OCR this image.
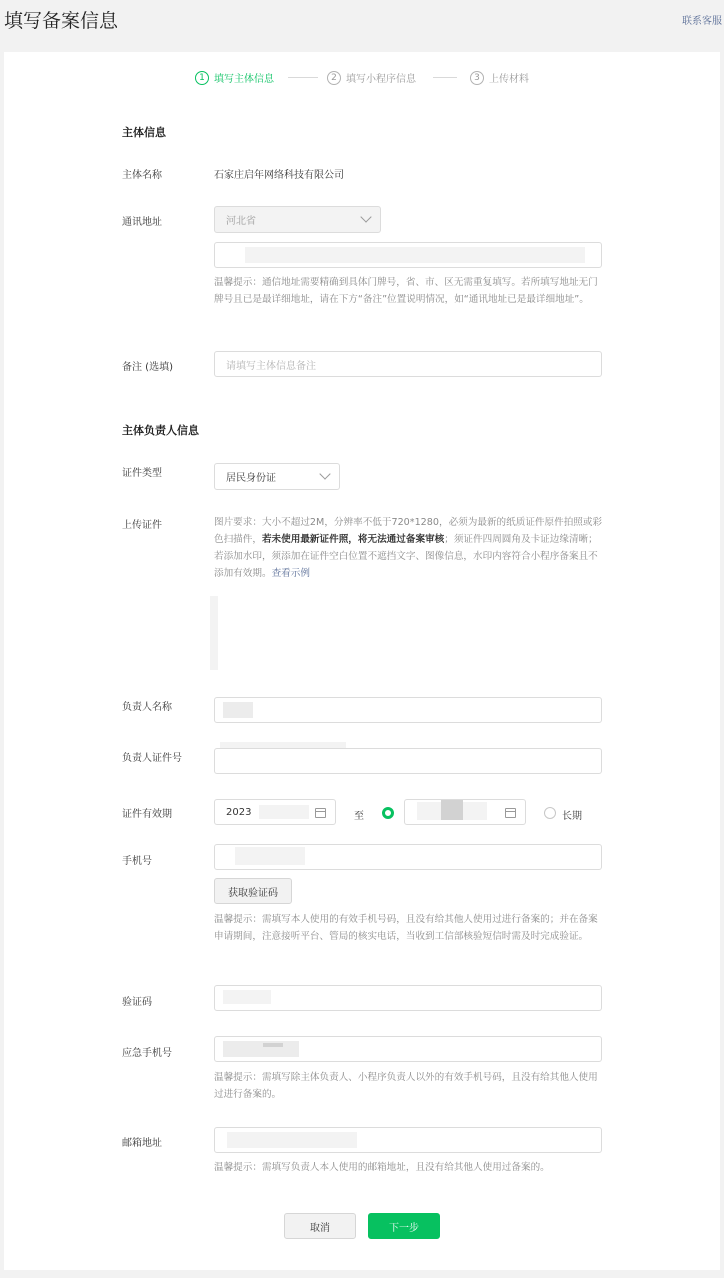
填写备案信息	联系客服
1 填写主体信息	2 填写小程序信息	3 上传材料
主体信息
主体名称	石家庄启年网络科技有限公司
通讯地址	河北省
温馨提示：通信地址需要精确到具体门牌号，省、市、区无需重复填写。若所填写地址无门牌号且已是最详细地址，请在下方“备注”位置说明情况，如“通讯地址已是最详细地址”。
备注 (选填)	请填写主体信息备注
主体负责人信息
证件类型	居民身份证
上传证件	图片要求：大小不超过2M，分辨率不低于720*1280，必须为最新的纸质证件原件拍照或彩色扫描件，若未使用最新证件照，将无法通过备案审核；须证件四周圆角及卡证边缘清晰；若添加水印，须添加在证件空白位置不遮挡文字、图像信息，水印内容符合小程序备案且不添加有效期。查看示例
负责人名称
负责人证件号
证件有效期	2023	至	长期
手机号
获取验证码
温馨提示：需填写本人使用的有效手机号码，且没有给其他人使用过进行备案的；并在备案申请期间，注意接听平台、管局的核实电话，当收到工信部核验短信时需及时完成验证。
验证码
应急手机号
温馨提示：需填写除主体负责人、小程序负责人以外的有效手机号码，且没有给其他人使用过进行备案的。
邮箱地址
温馨提示：需填写负责人本人使用的邮箱地址，且没有给其他人使用过备案的。
取消	下一步
